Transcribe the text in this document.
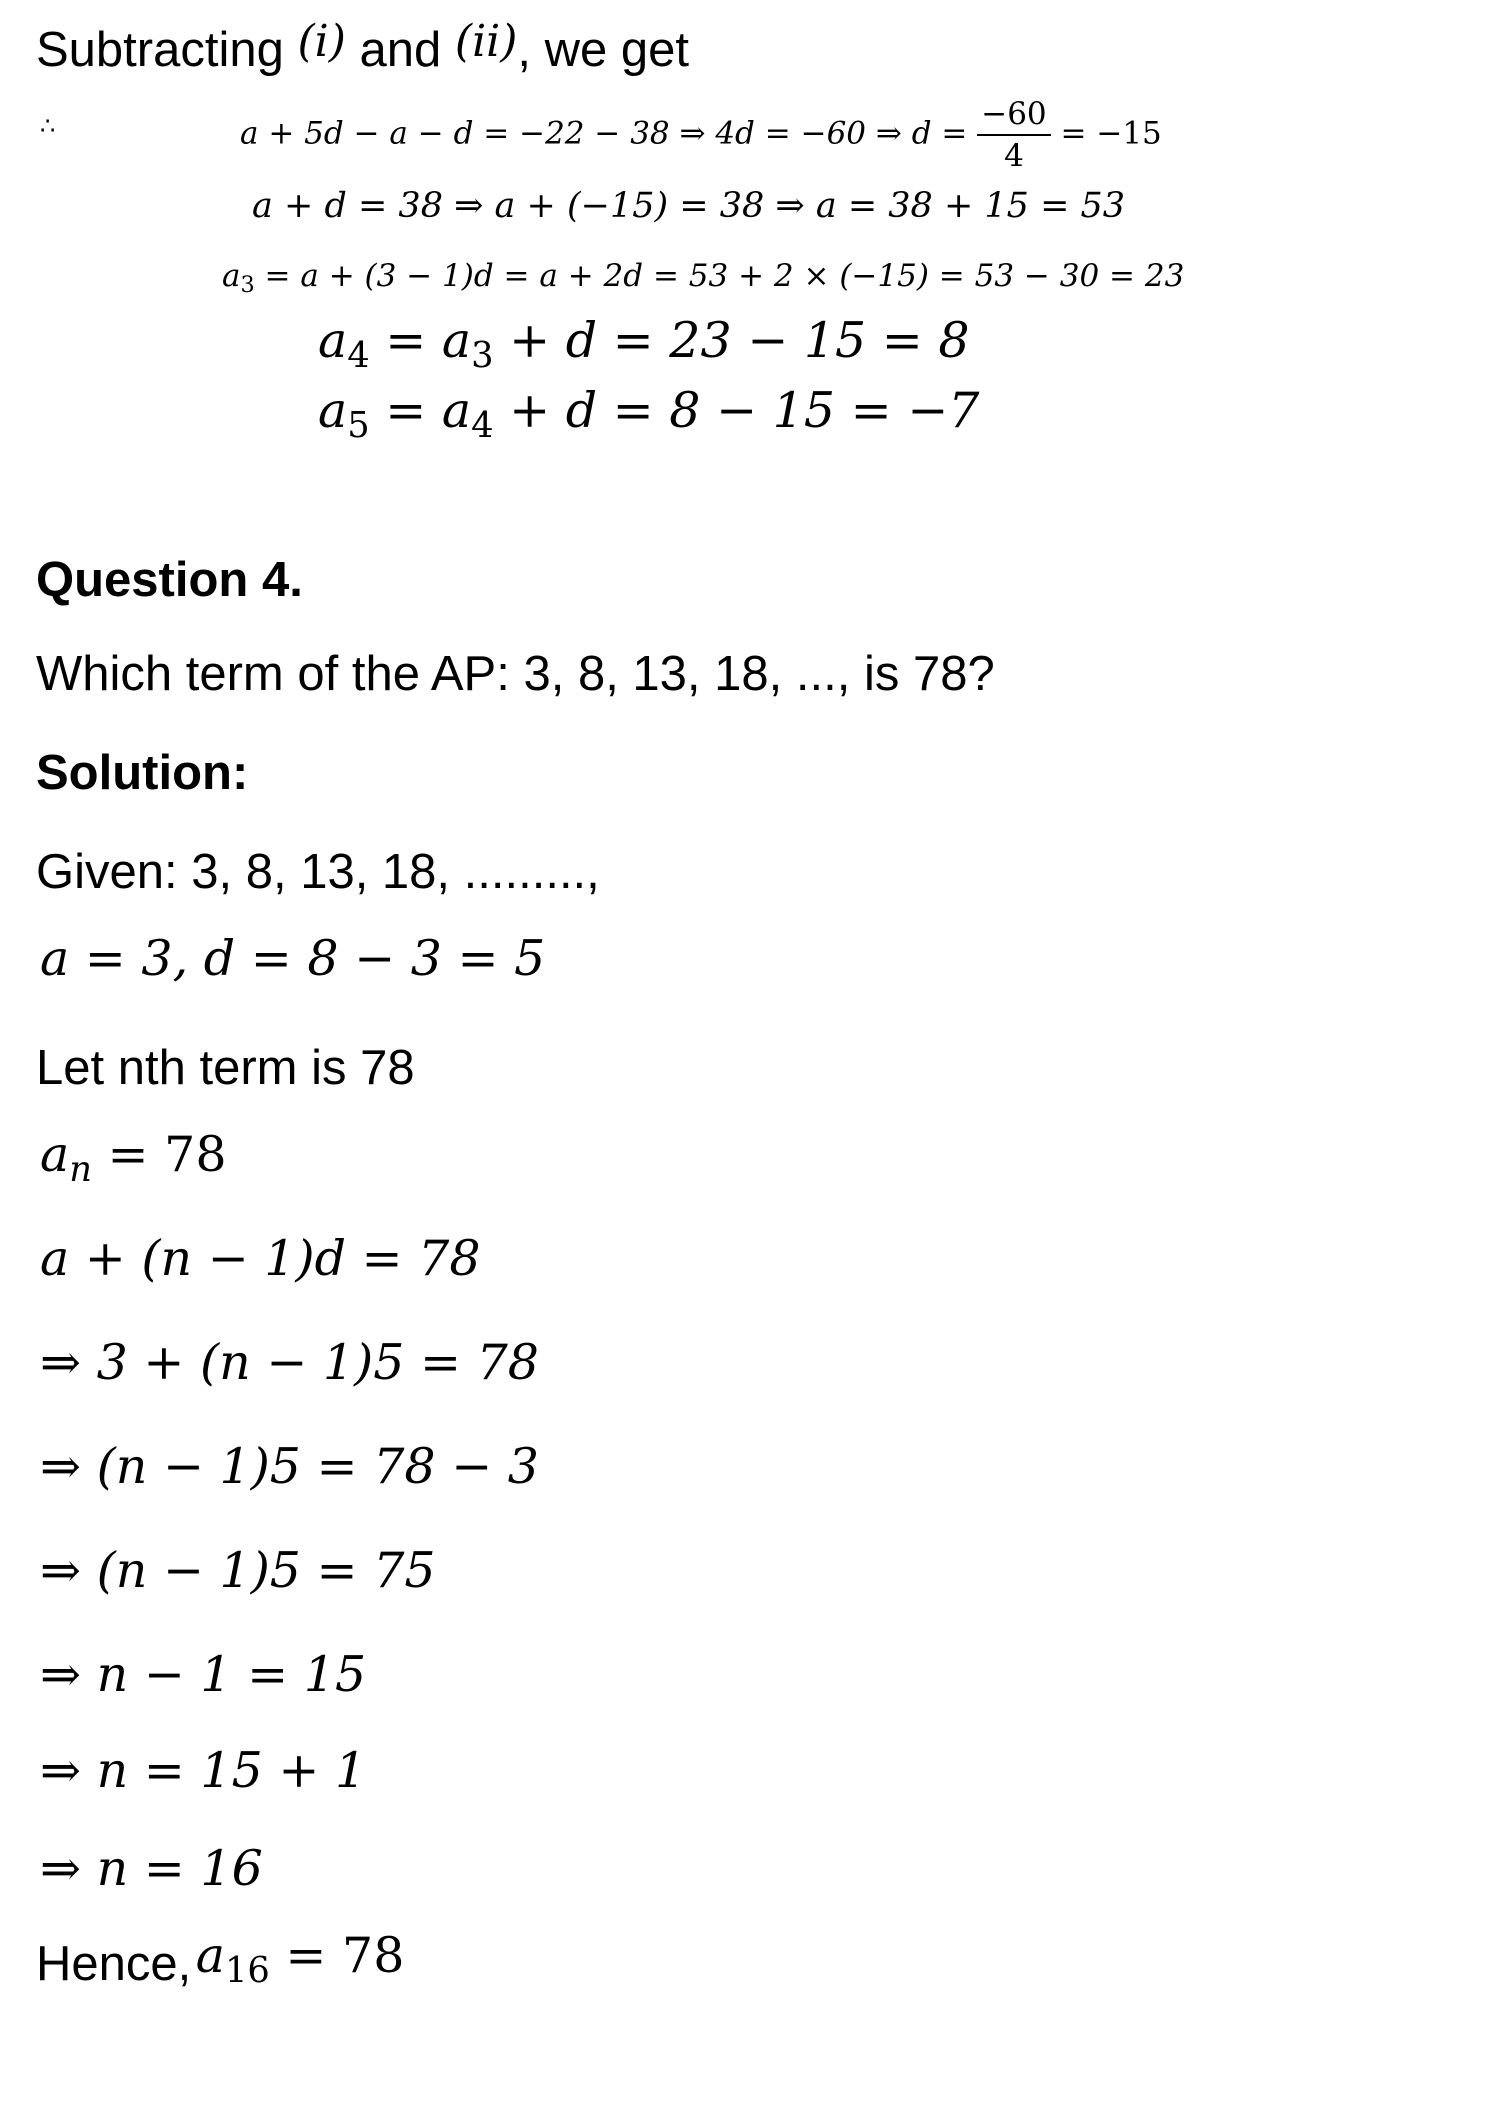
Subtracting (i) and (ii), we get
∴	a + 5d − a − d = −22 − 38 ⇒ 4d = −60 ⇒ $d = \frac{-60}{4} = -15$
a + d = 38 ⇒ a + (−15) = 38 ⇒ a = 38 + 15 = 53
$a_3 = a + (3 - 1)d = a + 2d = 53 + 2 \times (-15) = 53 - 30 = 23$
$a_4 = a_3 + d = 23 - 15 = 8$
$a_5 = a_4 + d = 8 - 15 = -7$
Question 4.
Which term of the AP: 3, 8, 13, 18, ..., is 78?
Solution:
Given: 3, 8, 13, 18, .........,
a = 3, d = 8 − 3 = 5
Let nth term is 78
$a_n = 78$
a + (n − 1)d = 78
⇒ 3 + (n − 1)5 = 78
⇒ (n − 1)5 = 78 − 3
⇒ (n − 1)5 = 75
⇒ n − 1 = 15
⇒ n = 15 + 1
⇒ n = 16
Hence, $a_{16} = 78$
